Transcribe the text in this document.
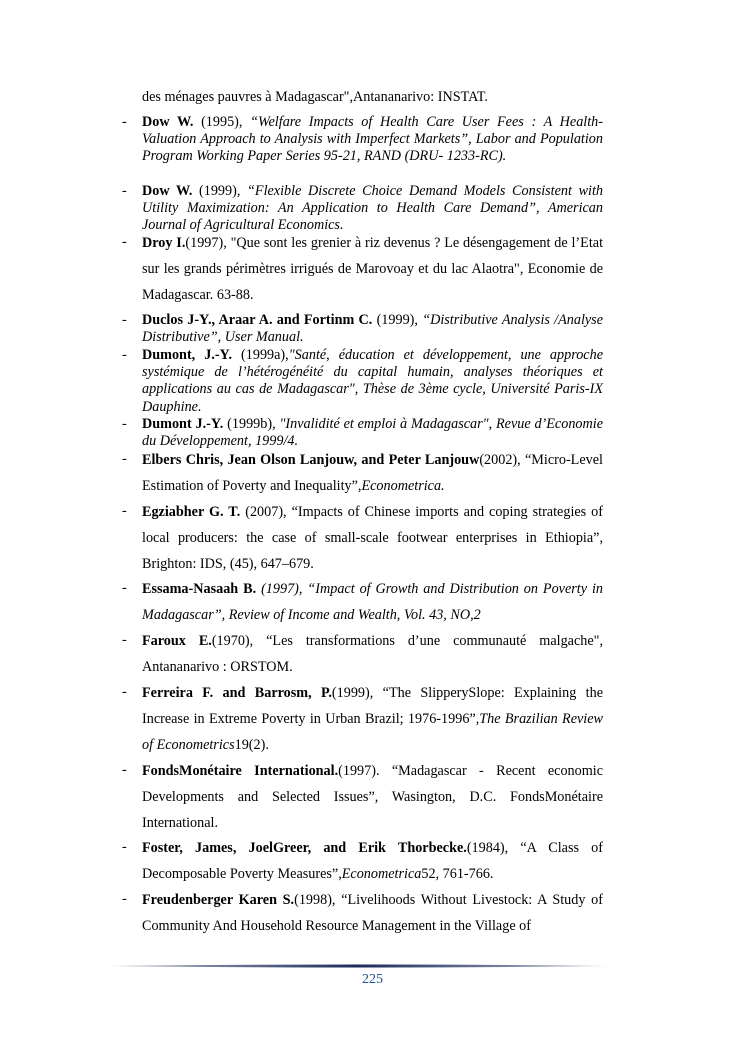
des ménages pauvres à Madagascar",Antananarivo: INSTAT.
- Dow W. (1995), “Welfare Impacts of Health Care User Fees : A Health-Valuation Approach to Analysis with Imperfect Markets”, Labor and Population Program Working Paper Series 95-21, RAND (DRU- 1233-RC).
- Dow W. (1999), “Flexible Discrete Choice Demand Models Consistent with Utility Maximization: An Application to Health Care Demand”, American Journal of Agricultural Economics.
- Droy I.(1997), "Que sont les grenier à riz devenus ? Le désengagement de l’Etat sur les grands périmètres irrigués de Marovoay et du lac Alaotra", Economie de Madagascar. 63-88.
- Duclos J-Y., Araar A. and Fortinm C. (1999), “Distributive Analysis /Analyse Distributive”, User Manual.
- Dumont, J.-Y. (1999a),"Santé, éducation et développement, une approche systémique de l’hétérogénéité du capital humain, analyses théoriques et applications au cas de Madagascar", Thèse de 3ème cycle, Université Paris-IX Dauphine.
- Dumont J.-Y. (1999b), "Invalidité et emploi à Madagascar", Revue d’Economie du Développement, 1999/4.
- Elbers Chris, Jean Olson Lanjouw, and Peter Lanjouw(2002), “Micro-Level Estimation of Poverty and Inequality”,Econometrica.
- Egziabher G. T. (2007), “Impacts of Chinese imports and coping strategies of local producers: the case of small-scale footwear enterprises in Ethiopia”, Brighton: IDS, (45), 647–679.
- Essama-Nasaah B. (1997), “Impact of Growth and Distribution on Poverty in Madagascar”, Review of Income and Wealth, Vol. 43, NO,2
- Faroux E.(1970), “Les transformations d’une communauté malgache", Antananarivo : ORSTOM.
- Ferreira F. and Barrosm, P.(1999), “The SlipperySlope: Explaining the Increase in Extreme Poverty in Urban Brazil; 1976-1996”,The Brazilian Review of Econometrics19(2).
- FondsMonétaire International.(1997). “Madagascar - Recent economic Developments and Selected Issues”, Wasington, D.C. FondsMonétaire International.
- Foster, James, JoelGreer, and Erik Thorbecke.(1984), “A Class of Decomposable Poverty Measures”,Econometrica52, 761-766.
- Freudenberger Karen S.(1998), “Livelihoods Without Livestock: A Study of Community And Household Resource Management in the Village of
225
